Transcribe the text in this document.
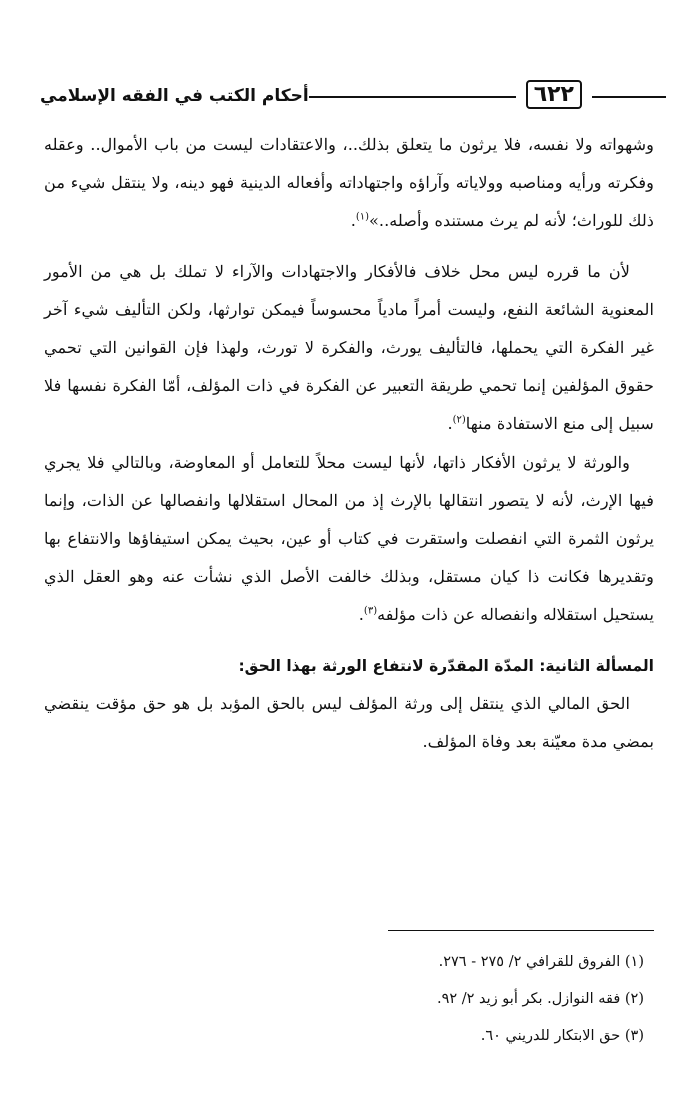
٦٢٢
أحكام الكتب في الفقه الإسلامي

وشهواته ولا نفسه، فلا يرثون ما يتعلق بذلك..، والاعتقادات ليست من باب الأموال.. وعقله وفكرته ورأيه ومناصبه وولاياته وآراؤه واجتهاداته وأفعاله الدينية فهو دينه، ولا ينتقل شيء من ذلك للوراث؛ لأنه لم يرث مستنده وأصله..»$^{(١)}$.

لأن ما قرره ليس محل خلاف فالأفكار والاجتهادات والآراء لا تملك بل هي من الأمور المعنوية الشائعة النفع، وليست أمراً مادياً محسوساً فيمكن توارثها، ولكن التأليف شيء آخر غير الفكرة التي يحملها، فالتأليف يورث، والفكرة لا تورث، ولهذا فإن القوانين التي تحمي حقوق المؤلفين إنما تحمي طريقة التعبير عن الفكرة في ذات المؤلف، أمّا الفكرة نفسها فلا سبيل إلى منع الاستفادة منها$^{(٢)}$.

والورثة لا يرثون الأفكار ذاتها، لأنها ليست محلاً للتعامل أو المعاوضة، وبالتالي فلا يجري فيها الإرث، لأنه لا يتصور انتقالها بالإرث إذ من المحال استقلالها وانفصالها عن الذات، وإنما يرثون الثمرة التي انفصلت واستقرت في كتاب أو عين، بحيث يمكن استيفاؤها والانتفاع بها وتقديرها فكانت ذا كيان مستقل، وبذلك خالفت الأصل الذي نشأت عنه وهو العقل الذي يستحيل استقلاله وانفصاله عن ذات مؤلفه$^{(٣)}$.

المسألة الثانية: المدّة المقدّرة لانتفاع الورثة بهذا الحق:

الحق المالي الذي ينتقل إلى ورثة المؤلف ليس بالحق المؤبد بل هو حق مؤقت ينقضي بمضي مدة معيّنة بعد وفاة المؤلف.

(١) الفروق للقرافي ٢/ ٢٧٥ - ٢٧٦.
(٢) فقه النوازل. بكر أبو زيد ٢/ ٩٢.
(٣) حق الابتكار للدريني ٦٠.
